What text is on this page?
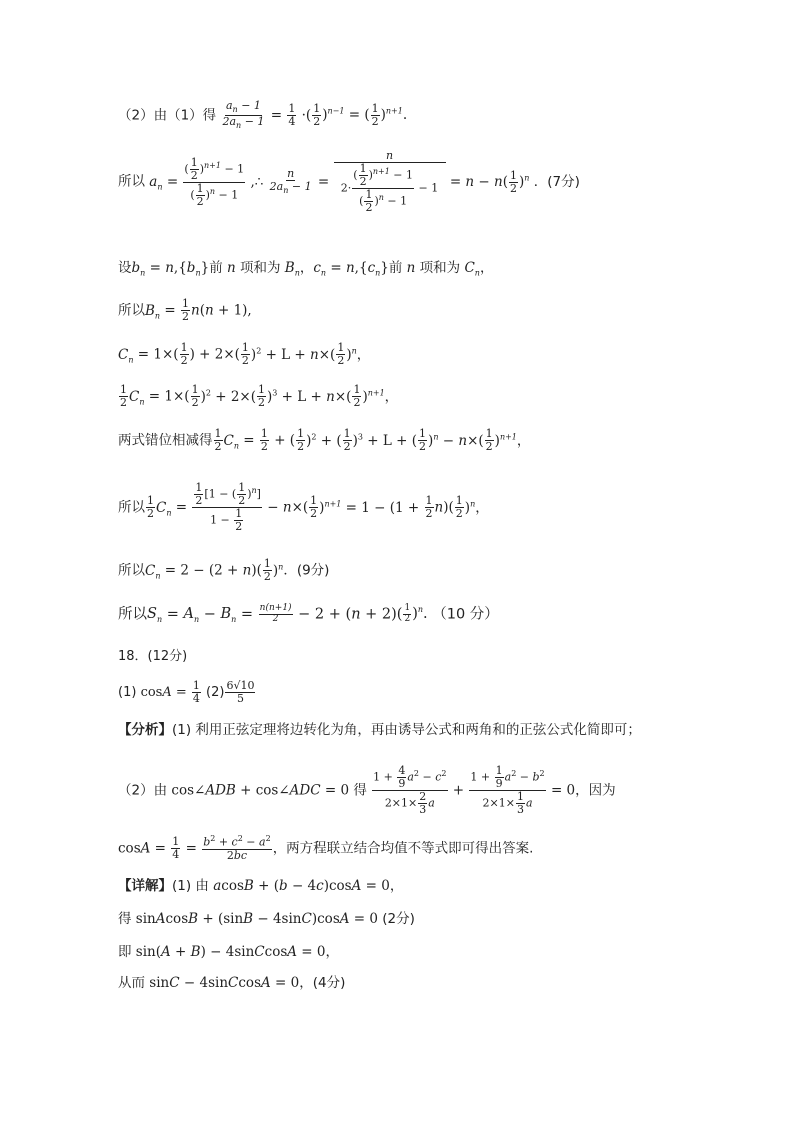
（2）由（1）得 $\frac{a_n - 1}{2a_n - 1} = \frac{1}{4}$ ·( $\frac{1}{2} )^{n-1}$ = ( $\frac{1}{2} )^{n+1}$.
所以 $a_n = \frac{( \frac{1}{2} )^{n+1} - 1}{( \frac{1}{2} )^n - 1}$ ,∴ $\frac{n}{2a_n - 1} = \frac{n}{2\cdot \frac{( \frac{1}{2} )^{n+1} - 1}{( \frac{1}{2} )^n - 1} - 1} = n - n( \frac{1}{2} )^n$ ．(7分)
设$b_n = n,\{b_n\}$前 n 项和为 $B_n$，$c_n = n,\{c_n\}$前 n 项和为 $C_n$，
所以$B_n = \frac{1}{2} n(n + 1)$,
$C_n = 1\times( \frac{1}{2}$ ) + $2\times( \frac{1}{2} )^2 + L + n\times( \frac{1}{2} )^n$，
$\frac{1}{2} C_n = 1\times( \frac{1}{2} )^2 + 2\times( \frac{1}{2} )^3 + L + n\times( \frac{1}{2} )^{n+1}$，
两式错位相减得 $\frac{1}{2} C_n = \frac{1}{2}$ + ( $\frac{1}{2} )^2$ + ( $\frac{1}{2} )^3 + L$ + ( $\frac{1}{2} )^n - n\times( \frac{1}{2} )^{n+1}$，
所以 $\frac{1}{2} C_n = \frac{\frac{1}{2} [1 - ( \frac{1}{2} )^n]}{1 - \frac{1}{2}} - n\times( \frac{1}{2} )^{n+1} = 1 - (1 + \frac{1}{2} n)( \frac{1}{2} )^n$，
所以$C_n = 2 - (2 + n)( \frac{1}{2} )^n$．(9分)
所以$S_n = A_n - B_n = \frac{n(n+1)}{2} - 2 + (n + 2)( \frac{1}{2} )^n$. （10 分）
18．(12分)
(1) $\cos A = \frac{1}{4} (2) \frac{6√10}{5}$
【分析】(1) 利用正弦定理将边转化为角，再由诱导公式和两角和的正弦公式化简即可；
（2）由 cos∠ADB + cos∠ADC = 0 得 $\frac{1 + \frac{4}{9} a^2 - c^2}{2\times 1\times \frac{2}{3} a} + \frac{1 + \frac{1}{9} a^2 - b^2}{2\times 1\times \frac{1}{3} a} = 0$，因为
$\cos A = \frac{1}{4} = \frac{b^2 + c^2 - a^2}{2bc}$ ，两方程联立结合均值不等式即可得出答案.
【详解】(1) 由 acosB + (b − 4c)cosA = 0，
得 sinAcosB + (sinB − 4sinC)cosA = 0 (2分)
即 sin(A + B) − 4sinCcosA = 0，
从而 sinC − 4sinCcosA = 0，(4分)
